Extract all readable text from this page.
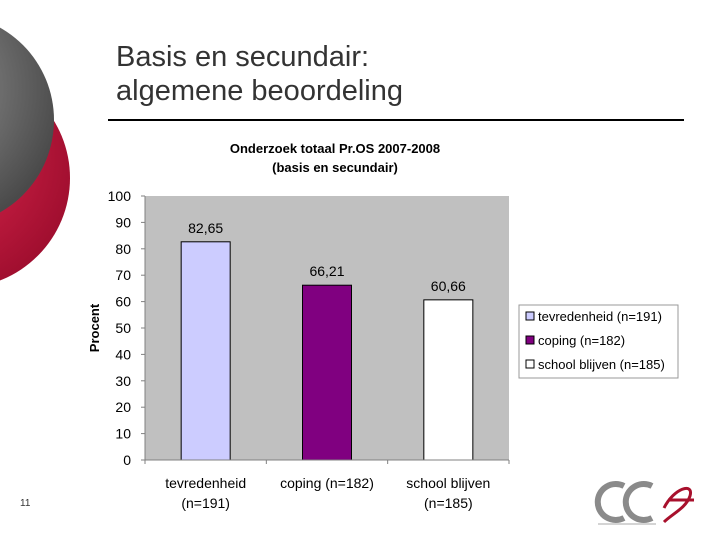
Basis en secundair:
algemene beoordeling
Onderzoek totaal Pr.OS 2007-2008
(basis en secundair)
Procent
0
10
20
30
40
50
60
70
80
90
100
82,65
66,21
60,66
tevredenheid
(n=191)
coping (n=182) school blijven
(n=185)
tevredenheid (n=191)
coping (n=182)
school blijven (n=185)
11
